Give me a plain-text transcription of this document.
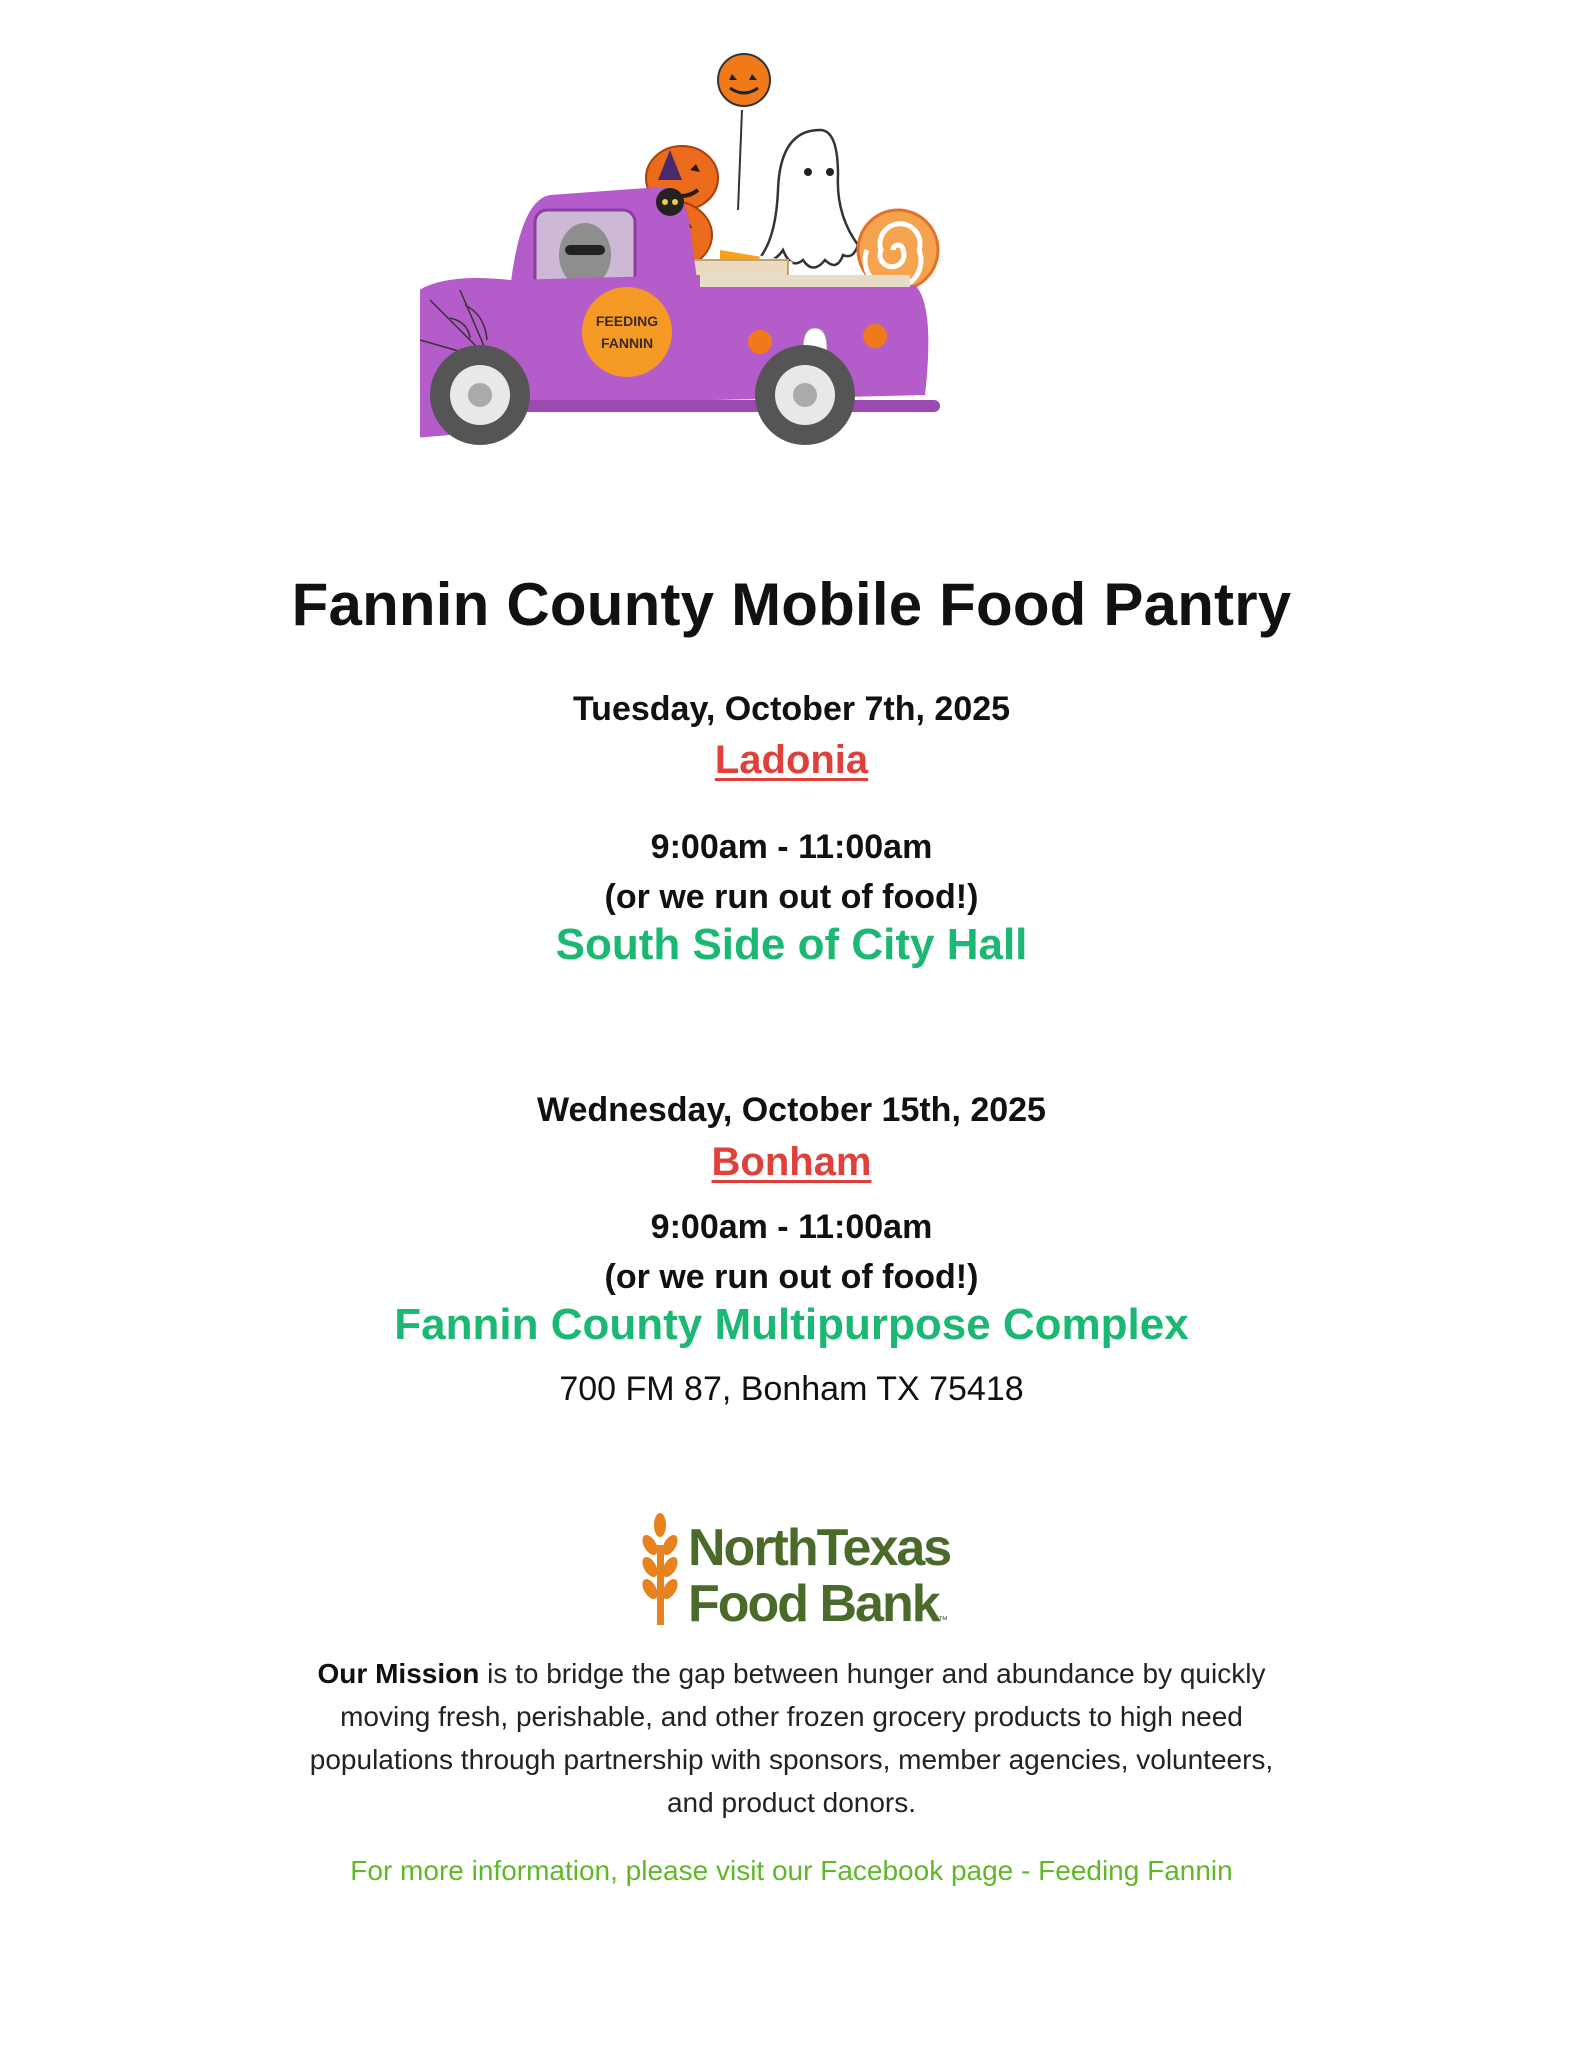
FEEDING
FANNIN
Fannin County Mobile Food Pantry
Tuesday, October 7th, 2025
Ladonia
9:00am - 11:00am
(or we run out of food!)
South Side of City Hall
Wednesday, October 15th, 2025
Bonham
9:00am - 11:00am
(or we run out of food!)
Fannin County Multipurpose Complex
700 FM 87, Bonham TX 75418
NorthTexas
Food Bank ™
Our Mission is to bridge the gap between hunger and abundance by quickly moving fresh, perishable, and other frozen grocery products to high need populations through partnership with sponsors, member agencies, volunteers, and product donors.
For more information, please visit our Facebook page - Feeding Fannin
